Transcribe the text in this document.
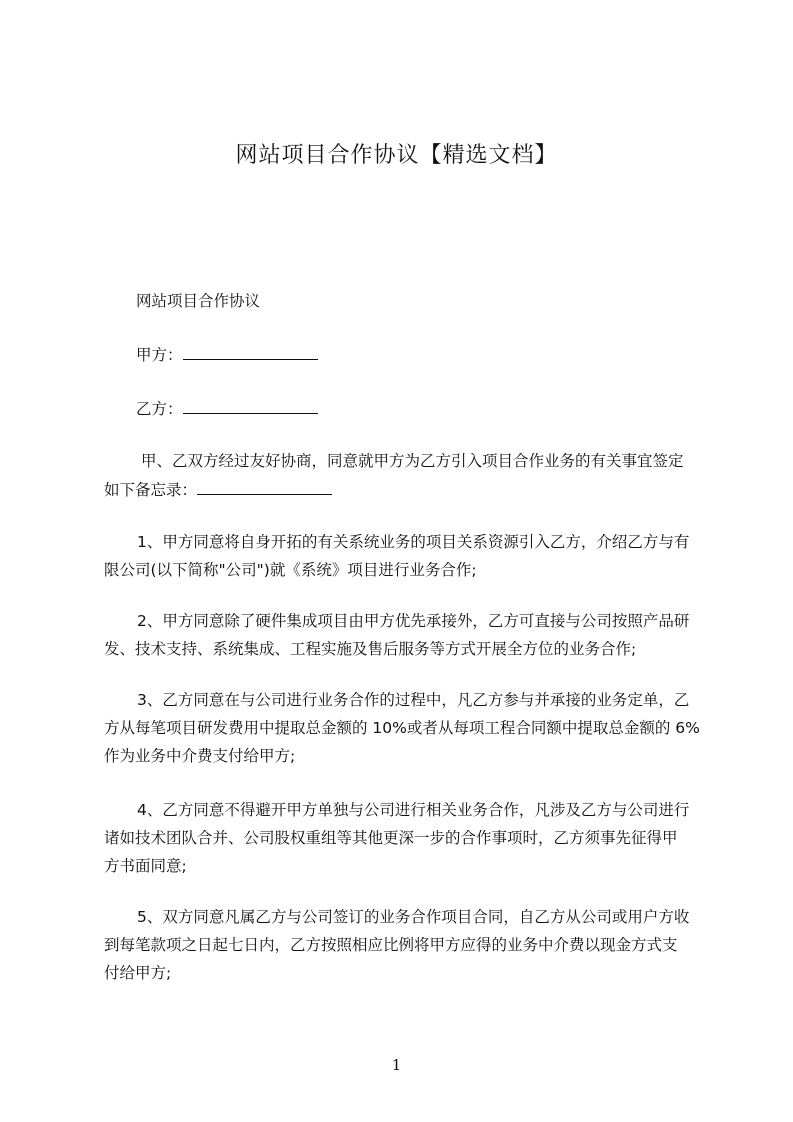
网站项目合作协议【精选文档】
网站项目合作协议
甲方：
乙方：
甲、乙双方经过友好协商，同意就甲方为乙方引入项目合作业务的有关事宜签定
如下备忘录：
1、甲方同意将自身开拓的有关系统业务的项目关系资源引入乙方，介绍乙方与有
限公司(以下简称"公司")就《系统》项目进行业务合作;
2、甲方同意除了硬件集成项目由甲方优先承接外，乙方可直接与公司按照产品研
发、技术支持、系统集成、工程实施及售后服务等方式开展全方位的业务合作;
3、乙方同意在与公司进行业务合作的过程中，凡乙方参与并承接的业务定单，乙
方从每笔项目研发费用中提取总金额的 10%或者从每项工程合同额中提取总金额的 6%
作为业务中介费支付给甲方;
4、乙方同意不得避开甲方单独与公司进行相关业务合作，凡涉及乙方与公司进行
诸如技术团队合并、公司股权重组等其他更深一步的合作事项时，乙方须事先征得甲
方书面同意;
5、双方同意凡属乙方与公司签订的业务合作项目合同，自乙方从公司或用户方收
到每笔款项之日起七日内，乙方按照相应比例将甲方应得的业务中介费以现金方式支
付给甲方;
1
